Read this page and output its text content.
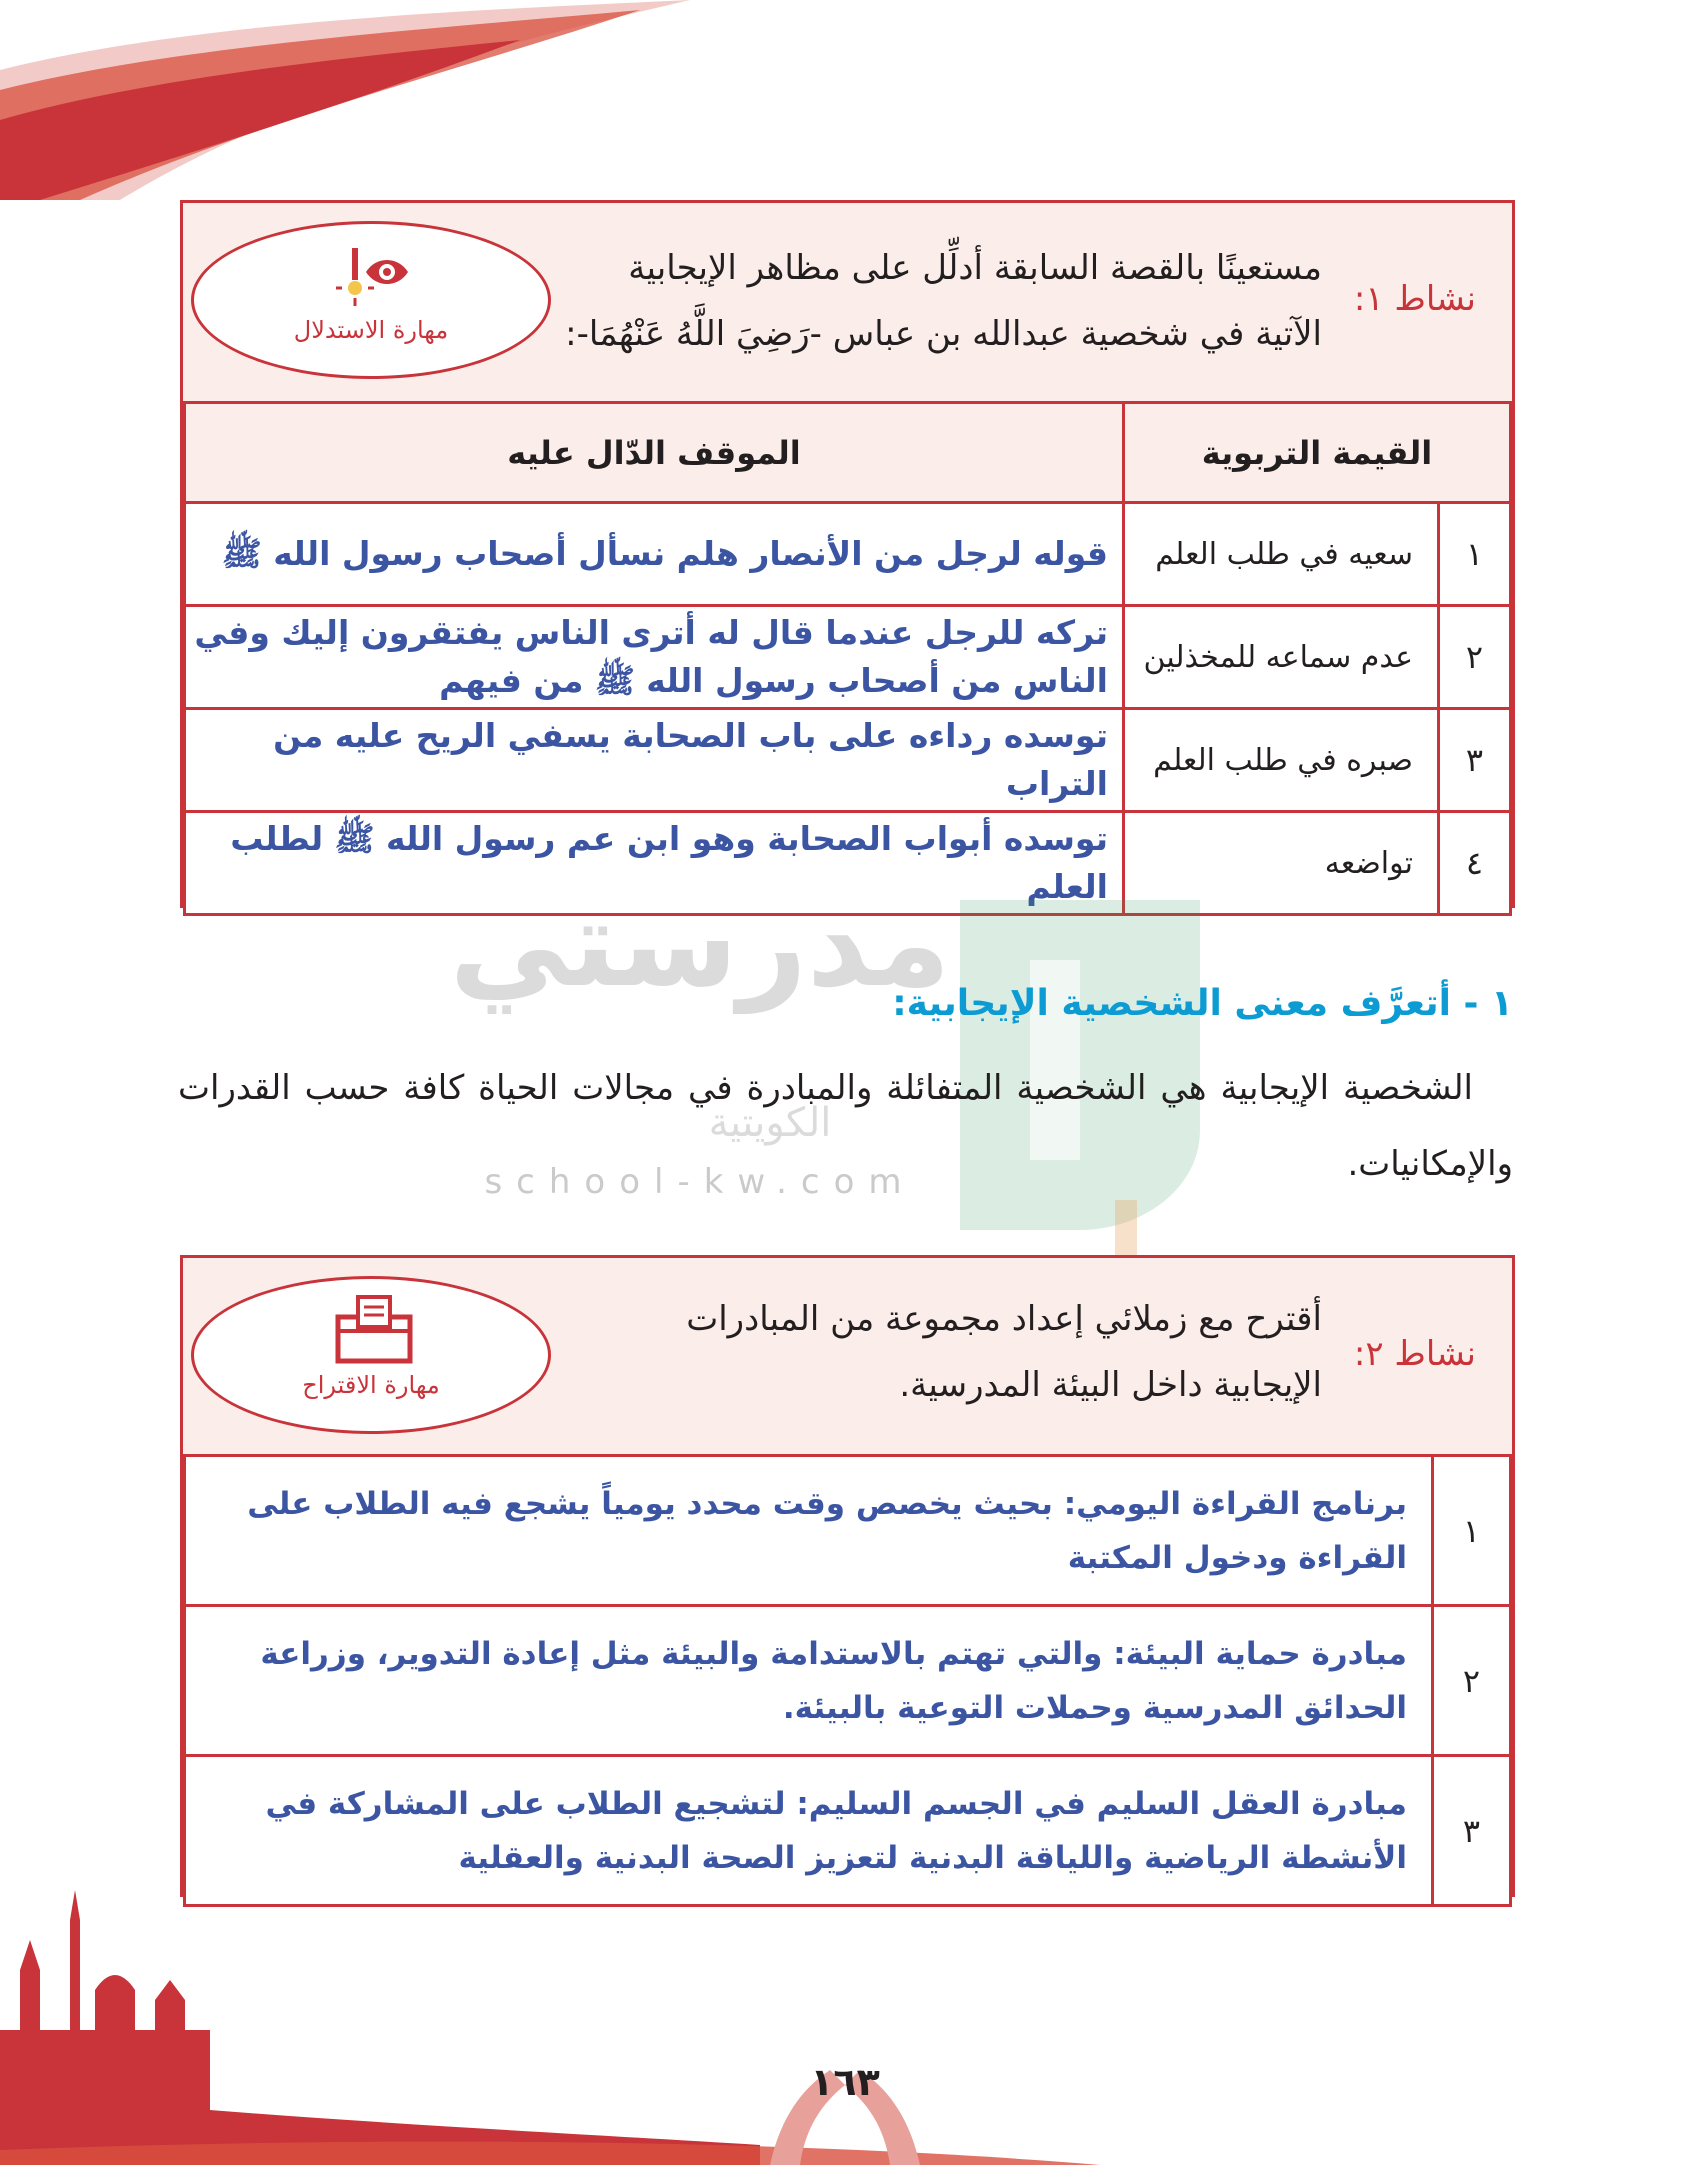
نشاط ١:
مستعينًا بالقصة السابقة أدلِّل على مظاهر الإيجابية
الآتية في شخصية عبدالله بن عباس -رَضِيَ اللَّهُ عَنْهُمَا-:
مهارة الاستدلال
القيمة التربوية		الموقف الدّال عليه
١	سعيه في طلب العلم	قوله لرجل من الأنصار هلم نسأل أصحاب رسول الله ﷺ
٢	عدم سماعه للمخذلين	تركه للرجل عندما قال له أترى الناس يفتقرون إليك وفي الناس من أصحاب رسول الله ﷺ من فيهم
٣	صبره في طلب العلم	توسده رداءه على باب الصحابة يسفي الريح عليه من التراب
٤	تواضعه	توسده أبواب الصحابة وهو ابن عم رسول الله ﷺ لطلب العلم
مدرستي
الكويتية
school-kw.com
١ - أتعرَّف معنى الشخصية الإيجابية:
الشخصية الإيجابية هي الشخصية المتفائلة والمبادرة في مجالات الحياة كافة حسب القدرات والإمكانيات.
نشاط ٢:
أقترح مع زملائي إعداد مجموعة من المبادرات
الإيجابية داخل البيئة المدرسية.
مهارة الاقتراح
١	برنامج القراءة اليومي: بحيث يخصص وقت محدد يومياً يشجع فيه الطلاب على القراءة ودخول المكتبة
٢	مبادرة حماية البيئة: والتي تهتم بالاستدامة والبيئة مثل إعادة التدوير، وزراعة الحدائق المدرسية وحملات التوعية بالبيئة.
٣	مبادرة العقل السليم في الجسم السليم: لتشجيع الطلاب على المشاركة في الأنشطة الرياضية واللياقة البدنية لتعزيز الصحة البدنية والعقلية
١٦٣
